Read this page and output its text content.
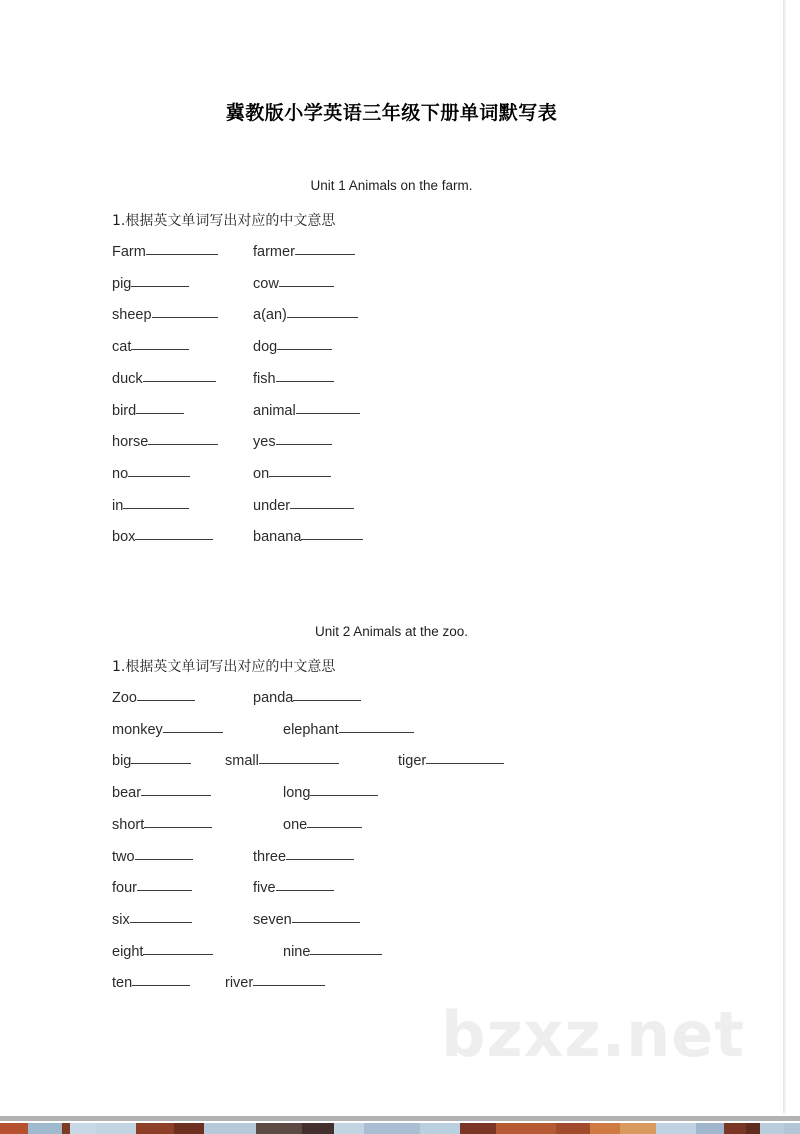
bzxz.net
冀教版小学英语三年级下册单词默写表
Unit 1 Animals on the farm.
1.根据英文单词写出对应的中文意思
Farm	farmer
pig	cow
sheep	a(an)
cat	dog
duck	fish
bird	animal
horse	yes
no	on
in	under
box	banana
Unit 2 Animals at the zoo.
1.根据英文单词写出对应的中文意思
Zoo	panda
monkey	elephant
big	small	tiger
bear	long
short	one
two	three
four	five
six	seven
eight	nine
ten	river
